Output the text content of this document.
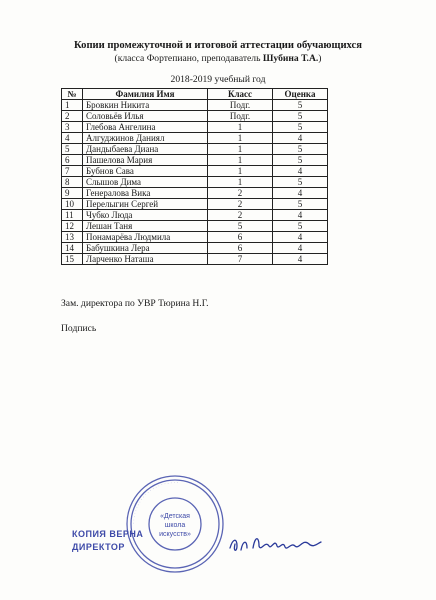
Копии промежуточной и итоговой аттестации обучающихся
(класса Фортепиано, преподаватель Шубина Т.А.)
2018-2019 учебный год
№	Фамилия Имя	Класс	Оценка
1	Бровкин Никита	Подг.	5
2	Соловьёв Илья	Подг.	5
3	Глебова Ангелина	1	5
4	Алгуджинов Даниял	1	4
5	Дандыбаева Диана	1	5
6	Пашелова Мария	1	5
7	Бубнов Сава	1	4
8	Слышов Дима	1	5
9	Генералова Вика	2	4
10	Перелыгин Сергей	2	5
11	Чубко Люда	2	4
12	Лешан Таня	5	5
13	Понамарёва Людмила	6	4
14	Бабушкина Лера	6	4
15	Ларченко Наташа	7	4
Зам. директора по УВР Тюрина Н.Г.
Подпись
· · · · · · · · · · · · · · · · · · · · · ·
«Детская
школа
искусств»
КОПИЯ ВЕРНА
ДИРЕКТОР
